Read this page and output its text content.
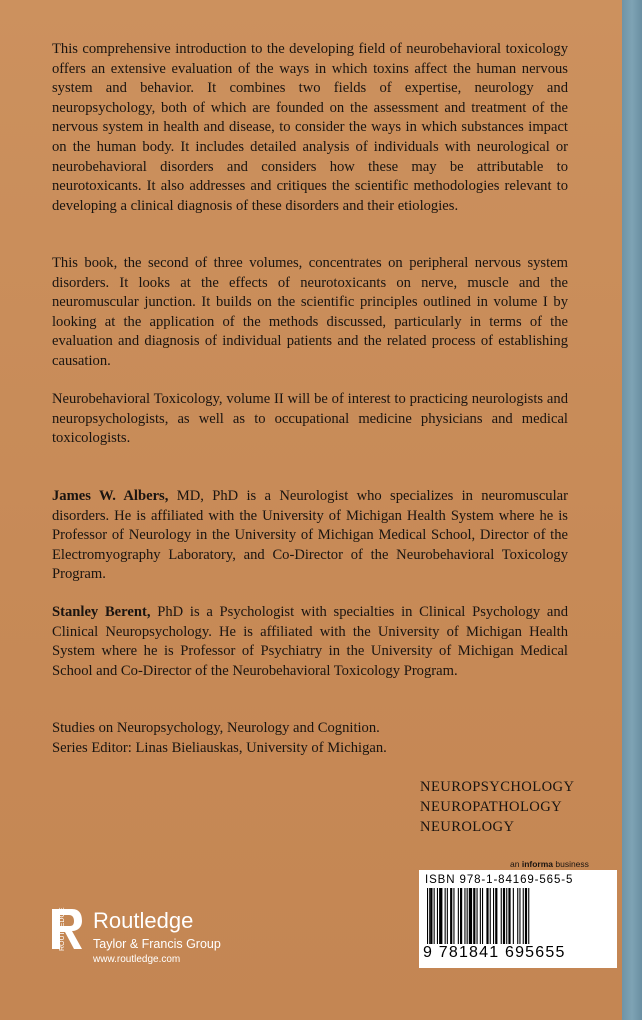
This comprehensive introduction to the developing field of neurobehavioral toxicology offers an extensive evaluation of the ways in which toxins affect the human nervous system and behavior. It combines two fields of expertise, neurology and neuropsychology, both of which are founded on the assessment and treatment of the nervous system in health and disease, to consider the ways in which substances impact on the human body. It includes detailed analysis of individuals with neurological or neurobehavioral disorders and considers how these may be attributable to neurotoxicants. It also addresses and critiques the scientific methodologies relevant to developing a clinical diagnosis of these disorders and their etiologies.

This book, the second of three volumes, concentrates on peripheral nervous system disorders. It looks at the effects of neurotoxicants on nerve, muscle and the neuromuscular junction. It builds on the scientific principles outlined in volume I by looking at the application of the methods discussed, particularly in terms of the evaluation and diagnosis of individual patients and the related process of establishing causation.

Neurobehavioral Toxicology, volume II will be of interest to practicing neurologists and neuropsychologists, as well as to occupational medicine physicians and medical toxicologists.

James W. Albers, MD, PhD is a Neurologist who specializes in neuromuscular disorders. He is affiliated with the University of Michigan Health System where he is Professor of Neurology in the University of Michigan Medical School, Director of the Electromyography Laboratory, and Co-Director of the Neurobehavioral Toxicology Program.

Stanley Berent, PhD is a Psychologist with specialties in Clinical Psychology and Clinical Neuropsychology. He is affiliated with the University of Michigan Health System where he is Professor of Psychiatry in the University of Michigan Medical School and Co-Director of the Neurobehavioral Toxicology Program.

Studies on Neuropsychology, Neurology and Cognition.
Series Editor: Linas Bieliauskas, University of Michigan.
NEUROPSYCHOLOGY
NEUROPATHOLOGY
NEUROLOGY
an informa business
ISBN 978-1-84169-565-5
9 781841 695655
ROUTLEDGE Routledge
Taylor & Francis Group
www.routledge.com
